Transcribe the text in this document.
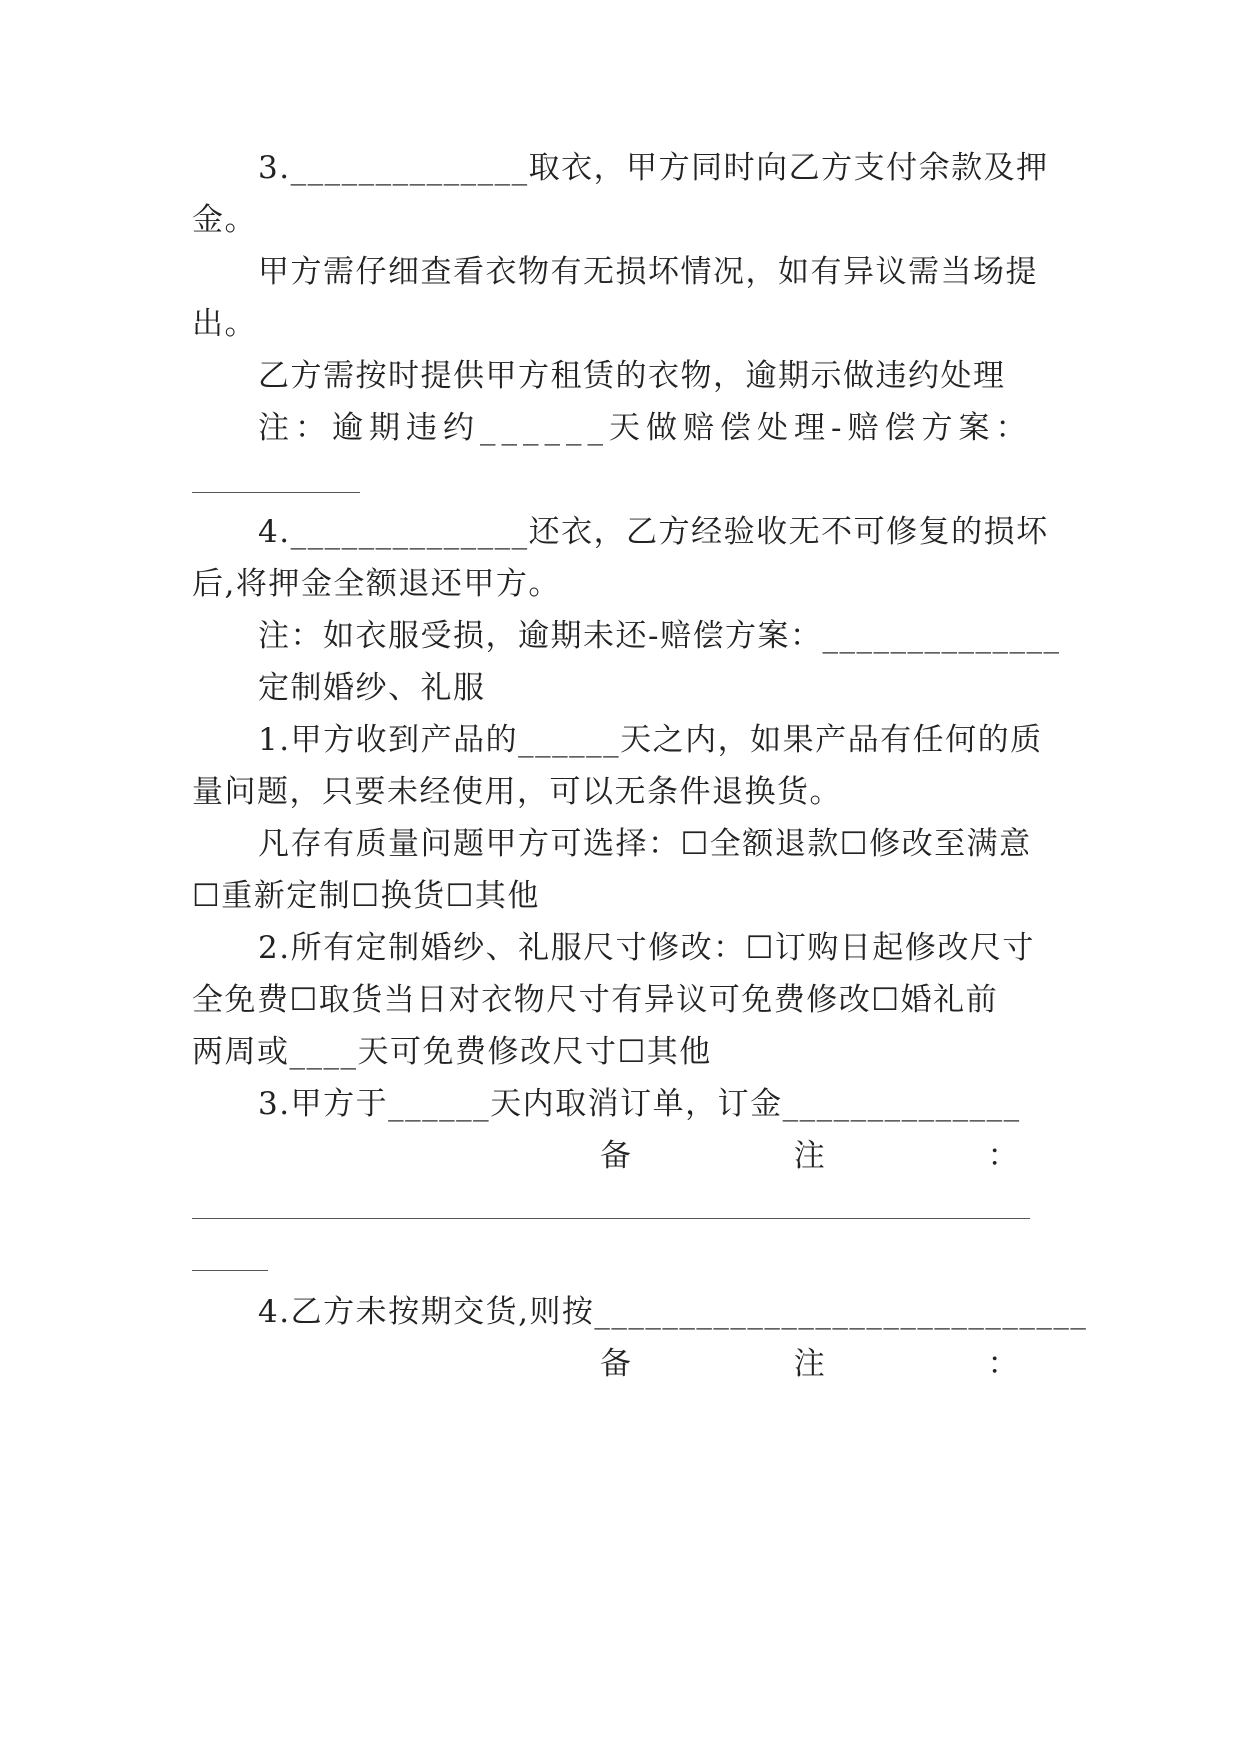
3.______________取衣，甲方同时向乙方支付余款及押
金。
甲方需仔细查看衣物有无损坏情况，如有异议需当场提
出。
乙方需按时提供甲方租赁的衣物，逾期示做违约处理
注：逾期违约______天做赔偿处理-赔偿方案：
4.______________还衣，乙方经验收无不可修复的损坏
后,将押金全额退还甲方。
注：如衣服受损，逾期未还-赔偿方案：______________
定制婚纱、礼服
1.甲方收到产品的______天之内，如果产品有任何的质
量问题，只要未经使用，可以无条件退换货。
凡存有质量问题甲方可选择：☐全额退款☐修改至满意
☐重新定制☐换货☐其他
2.所有定制婚纱、礼服尺寸修改：☐订购日起修改尺寸
全免费☐取货当日对衣物尺寸有异议可免费修改☐婚礼前
两周或____天可免费修改尺寸☐其他
3.甲方于______天内取消订单，订金______________
备	注	：
4.乙方未按期交货,则按_____________________________
备	注	：
